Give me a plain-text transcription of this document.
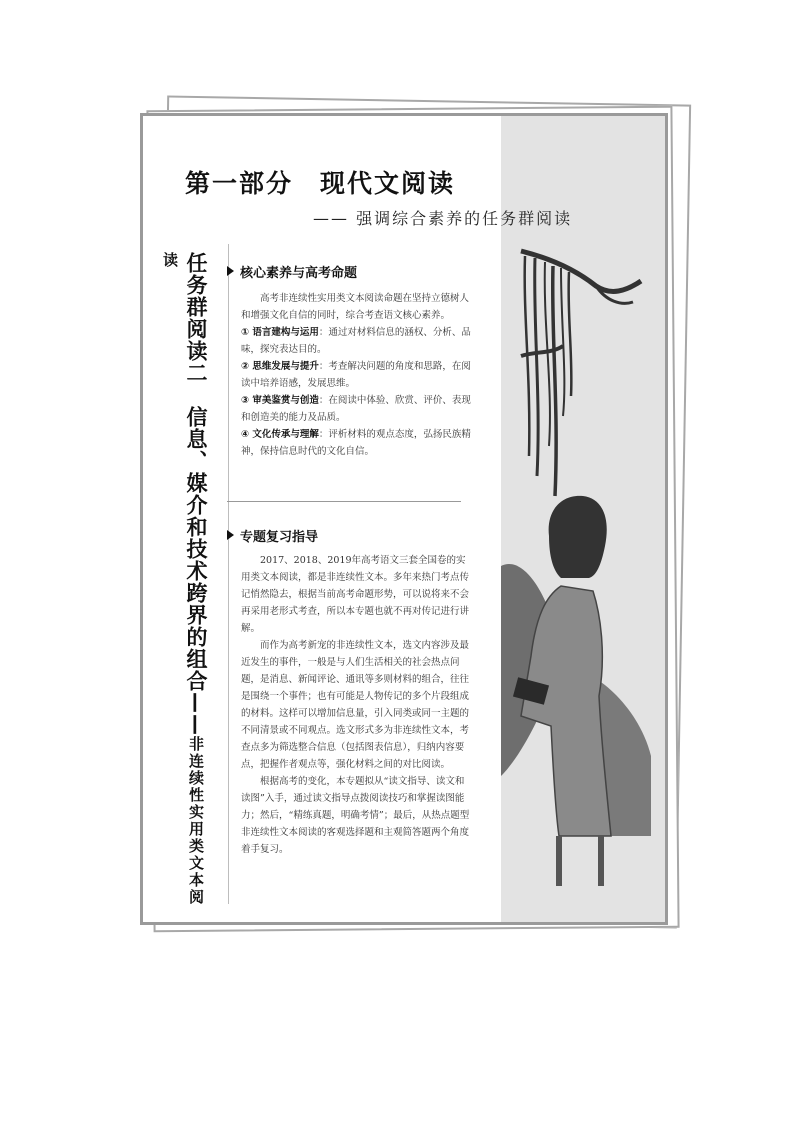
第一部分　现代文阅读
—— 强调综合素养的任务群阅读
任务群阅读二　信息、媒介和技术跨界的组合——非连续性实用类文本阅读
核心素养与高考命题

高考非连续性实用类文本阅读命题在坚持立德树人和增强文化自信的同时，综合考查语文核心素养。

① 语言建构与运用：通过对材料信息的涵权、分析、品味，探究表达目的。

② 思维发展与提升：考查解决问题的角度和思路，在阅读中培养语感，发展思维。

③ 审美鉴赏与创造：在阅读中体验、欣赏、评价、表现和创造美的能力及品质。

④ 文化传承与理解：评析材料的观点态度，弘扬民族精神，保持信息时代的文化自信。

专题复习指导

2017、2018、2019年高考语文三套全国卷的实用类文本阅读，都是非连续性文本。多年来热门考点传记悄然隐去，根据当前高考命题形势，可以说将来不会再采用老形式考查，所以本专题也就不再对传记进行讲解。

而作为高考新宠的非连续性文本，选文内容涉及最近发生的事件，一般是与人们生活相关的社会热点问题，是消息、新闻评论、通讯等多则材料的组合，往往是围绕一个事件；也有可能是人物传记的多个片段组成的材料。这样可以增加信息量，引入同类或同一主题的不同清景或不同观点。选文形式多为非连续性文本，考查点多为筛选整合信息（包括图表信息），归纳内容要点，把握作者观点等，强化材料之间的对比阅读。

根据高考的变化，本专题拟从“读文指导、读文和读图”入手，通过读文指导点拨阅读技巧和掌握读图能力；然后，“精练真题，明确考情”；最后，从热点题型非连续性文本阅读的客观选择题和主观简答题两个角度着手复习。
